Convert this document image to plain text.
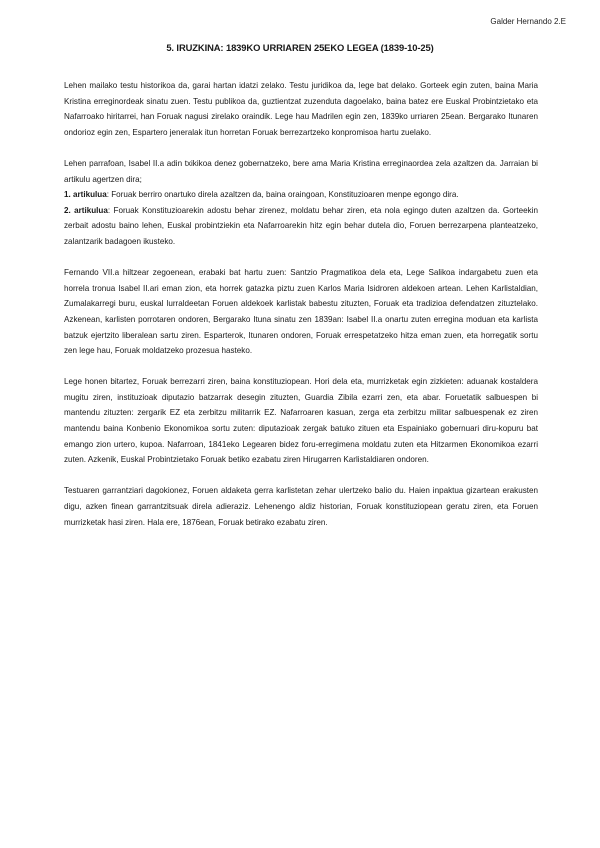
Galder Hernando 2.E
5. IRUZKINA: 1839KO URRIAREN 25EKO LEGEA (1839-10-25)

Lehen mailako testu historikoa da, garai hartan idatzi zelako. Testu juridikoa da, lege bat delako. Gorteek egin zuten, baina Maria Kristina erreginordeak sinatu zuen. Testu publikoa da, guztientzat zuzenduta dagoelako, baina batez ere Euskal Probintzietako eta Nafarroako hiritarrei, han Foruak nagusi zirelako oraindik. Lege hau Madrilen egin zen, 1839ko urriaren 25ean. Bergarako Itunaren ondorioz egin zen, Espartero jeneralak itun horretan Foruak berrezartzeko konpromisoa hartu zuelako.

Lehen parrafoan, Isabel II.a adin txikikoa denez gobernatzeko, bere ama Maria Kristina erreginaordea zela azaltzen da. Jarraian bi artikulu agertzen dira;

1. artikulua: Foruak berriro onartuko direla azaltzen da, baina oraingoan, Konstituzioaren menpe egongo dira.

2. artikulua: Foruak Konstituzioarekin adostu behar zirenez, moldatu behar ziren, eta nola egingo duten azaltzen da. Gorteekin zerbait adostu baino lehen, Euskal probintziekin eta Nafarroarekin hitz egin behar dutela dio, Foruen berrezarpena planteatzeko, zalantzarik badagoen ikusteko.

Fernando VII.a hiltzear zegoenean, erabaki bat hartu zuen: Santzio Pragmatikoa dela eta, Lege Salikoa indargabetu zuen eta horrela tronua Isabel II.ari eman zion, eta horrek gatazka piztu zuen Karlos Maria Isidroren aldekoen artean. Lehen Karlistaldian, Zumalakarregi buru, euskal lurraldeetan Foruen aldekoek karlistak babestu zituzten, Foruak eta tradizioa defendatzen zituztelako. Azkenean, karlisten porrotaren ondoren, Bergarako Ituna sinatu zen 1839an: Isabel II.a onartu zuten erregina moduan eta karlista batzuk ejertzito liberalean sartu ziren. Esparterok, Itunaren ondoren, Foruak errespetatzeko hitza eman zuen, eta horregatik sortu zen lege hau, Foruak moldatzeko prozesua hasteko.

Lege honen bitartez, Foruak berrezarri ziren, baina konstituziopean. Hori dela eta, murrizketak egin zizkieten: aduanak kostaldera mugitu ziren, instituzioak diputazio batzarrak desegin zituzten, Guardia Zibila ezarri zen, eta abar. Foruetatik salbuespen bi mantendu zituzten: zergarik EZ eta zerbitzu militarrik EZ. Nafarroaren kasuan, zerga eta zerbitzu militar salbuespenak ez ziren mantendu baina Konbenio Ekonomikoa sortu zuten: diputazioak zergak batuko zituen eta Espainiako gobernuari diru-kopuru bat emango zion urtero, kupoa. Nafarroan, 1841eko Legearen bidez foru-erregimena moldatu zuten eta Hitzarmen Ekonomikoa ezarri zuten. Azkenik, Euskal Probintzietako Foruak betiko ezabatu ziren Hirugarren Karlistaldiaren ondoren.

Testuaren garrantziari dagokionez, Foruen aldaketa gerra karlistetan zehar ulertzeko balio du. Haien inpaktua gizartean erakusten digu, azken finean garrantzitsuak direla adieraziz. Lehenengo aldiz historian, Foruak konstituziopean geratu ziren, eta Foruen murrizketak hasi ziren. Hala ere, 1876ean, Foruak betirako ezabatu ziren.
